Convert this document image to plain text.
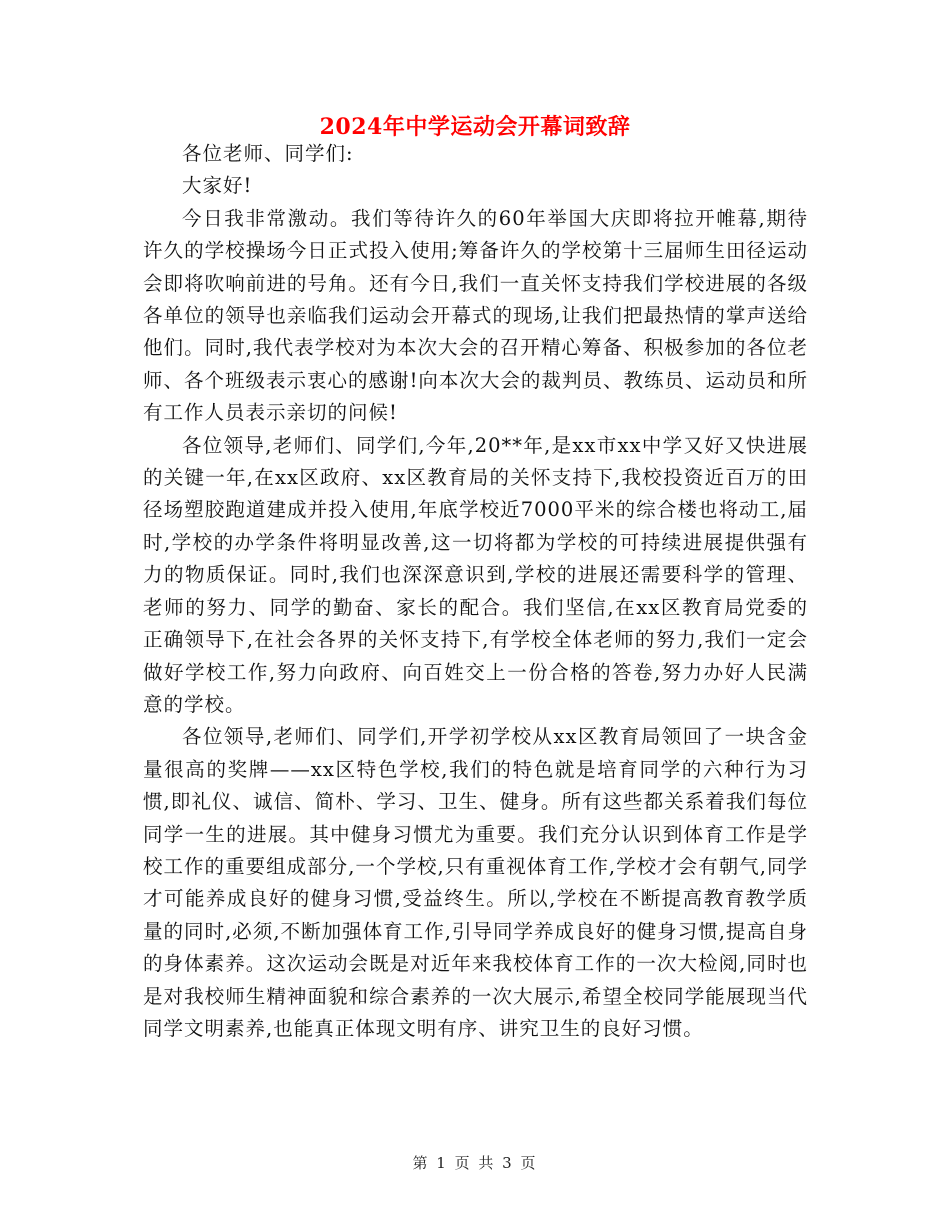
2024年中学运动会开幕词致辞

各位老师、同学们:

大家好!

今日我非常激动。我们等待许久的60年举国大庆即将拉开帷幕,期待许久的学校操场今日正式投入使用;筹备许久的学校第十三届师生田径运动会即将吹响前进的号角。还有今日,我们一直关怀支持我们学校进展的各级各单位的领导也亲临我们运动会开幕式的现场,让我们把最热情的掌声送给他们。同时,我代表学校对为本次大会的召开精心筹备、积极参加的各位老师、各个班级表示衷心的感谢!向本次大会的裁判员、教练员、运动员和所有工作人员表示亲切的问候!

各位领导,老师们、同学们,今年,20**年,是xx市xx中学又好又快进展的关键一年,在xx区政府、xx区教育局的关怀支持下,我校投资近百万的田径场塑胶跑道建成并投入使用,年底学校近7000平米的综合楼也将动工,届时,学校的办学条件将明显改善,这一切将都为学校的可持续进展提供强有力的物质保证。同时,我们也深深意识到,学校的进展还需要科学的管理、老师的努力、同学的勤奋、家长的配合。我们坚信,在xx区教育局党委的正确领导下,在社会各界的关怀支持下,有学校全体老师的努力,我们一定会做好学校工作,努力向政府、向百姓交上一份合格的答卷,努力办好人民满意的学校。

各位领导,老师们、同学们,开学初学校从xx区教育局领回了一块含金量很高的奖牌——xx区特色学校,我们的特色就是培育同学的六种行为习惯,即礼仪、诚信、简朴、学习、卫生、健身。所有这些都关系着我们每位同学一生的进展。其中健身习惯尤为重要。我们充分认识到体育工作是学校工作的重要组成部分,一个学校,只有重视体育工作,学校才会有朝气,同学才可能养成良好的健身习惯,受益终生。所以,学校在不断提高教育教学质量的同时,必须,不断加强体育工作,引导同学养成良好的健身习惯,提高自身的身体素养。这次运动会既是对近年来我校体育工作的一次大检阅,同时也是对我校师生精神面貌和综合素养的一次大展示,希望全校同学能展现当代同学文明素养,也能真正体现文明有序、讲究卫生的良好习惯。

第 1 页 共 3 页
